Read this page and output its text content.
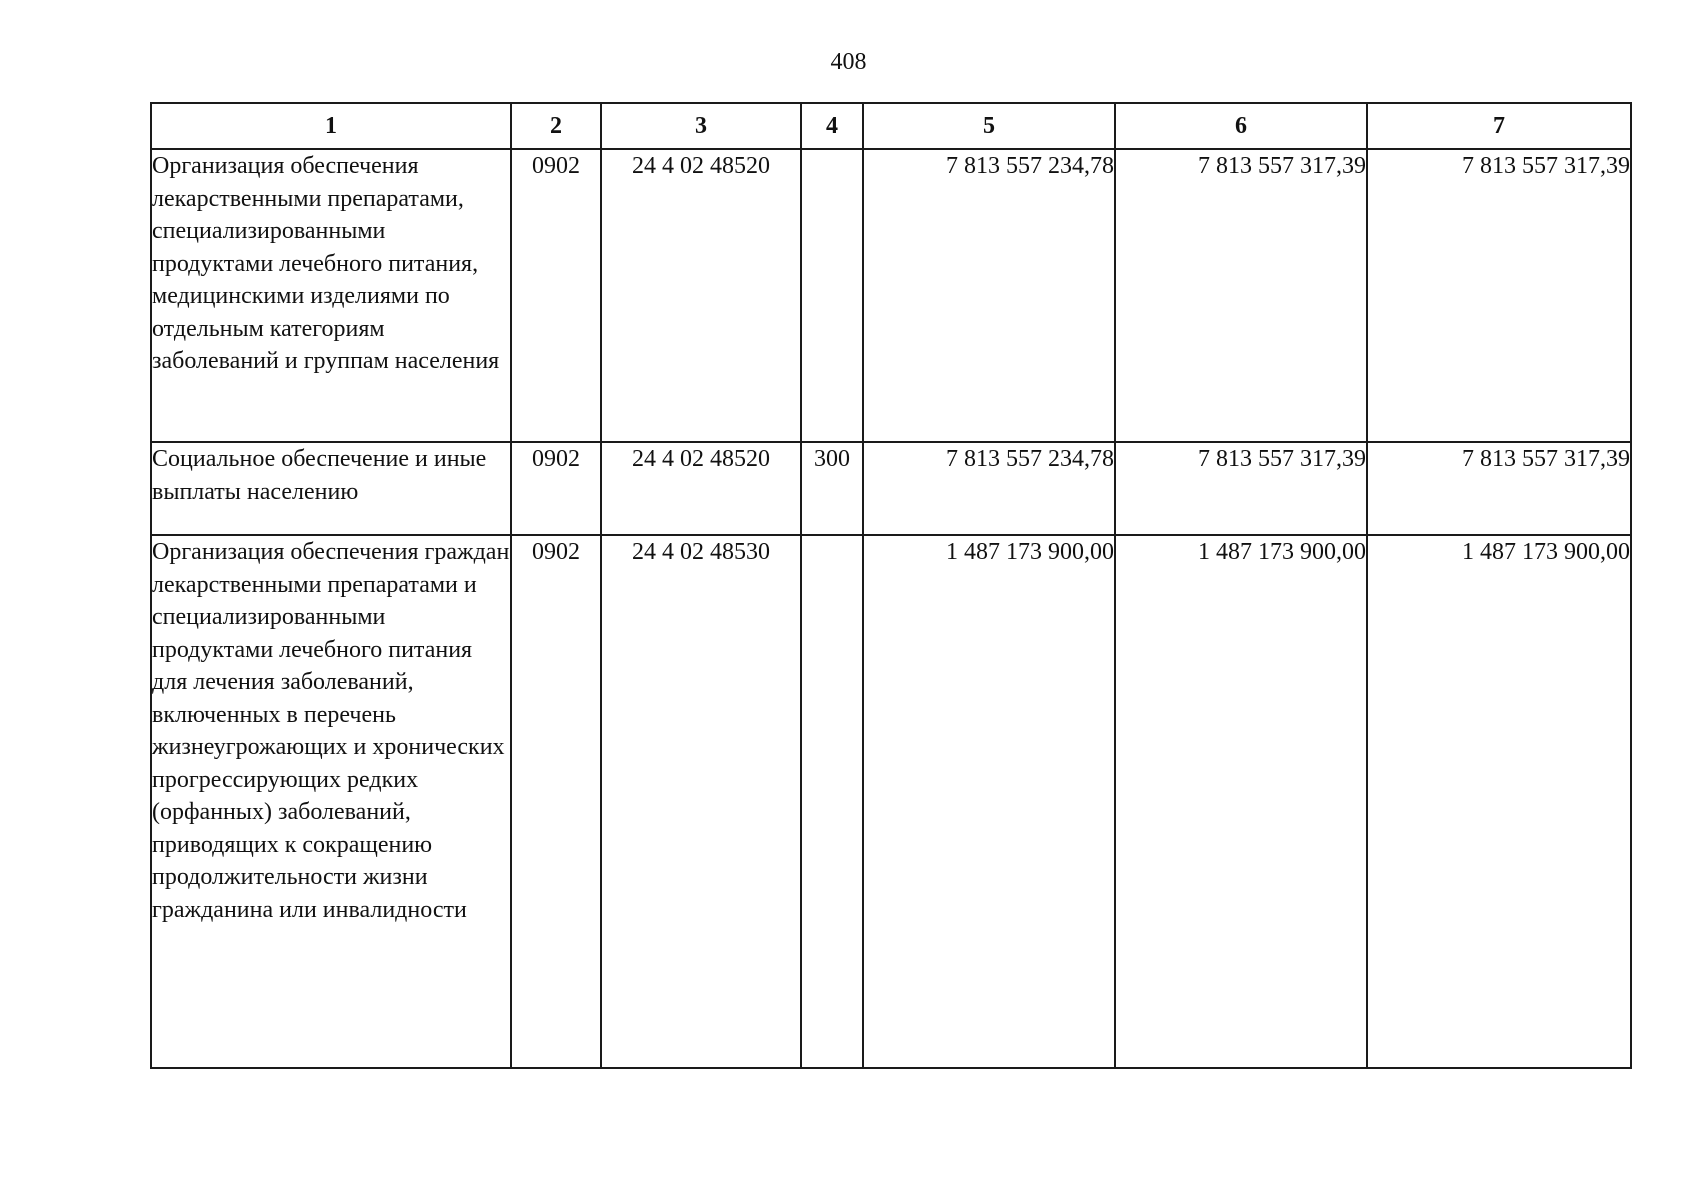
408
1	2	3	4	5	6	7
Организация обеспечения лекарственными препаратами, специализированными продуктами лечебного питания, медицинскими изделиями по отдельным категориям заболеваний и группам населения	0902	24 4 02 48520		7 813 557 234,78	7 813 557 317,39	7 813 557 317,39
Социальное обеспечение и иные выплаты населению	0902	24 4 02 48520	300	7 813 557 234,78	7 813 557 317,39	7 813 557 317,39
Организация обеспечения граждан лекарственными препаратами и специализированными продуктами лечебного питания для лечения заболеваний, включенных в перечень жизнеугрожающих и хронических прогрессирующих редких (орфанных) заболеваний, приводящих к сокращению продолжительности жизни гражданина или инвалидности	0902	24 4 02 48530		1 487 173 900,00	1 487 173 900,00	1 487 173 900,00
